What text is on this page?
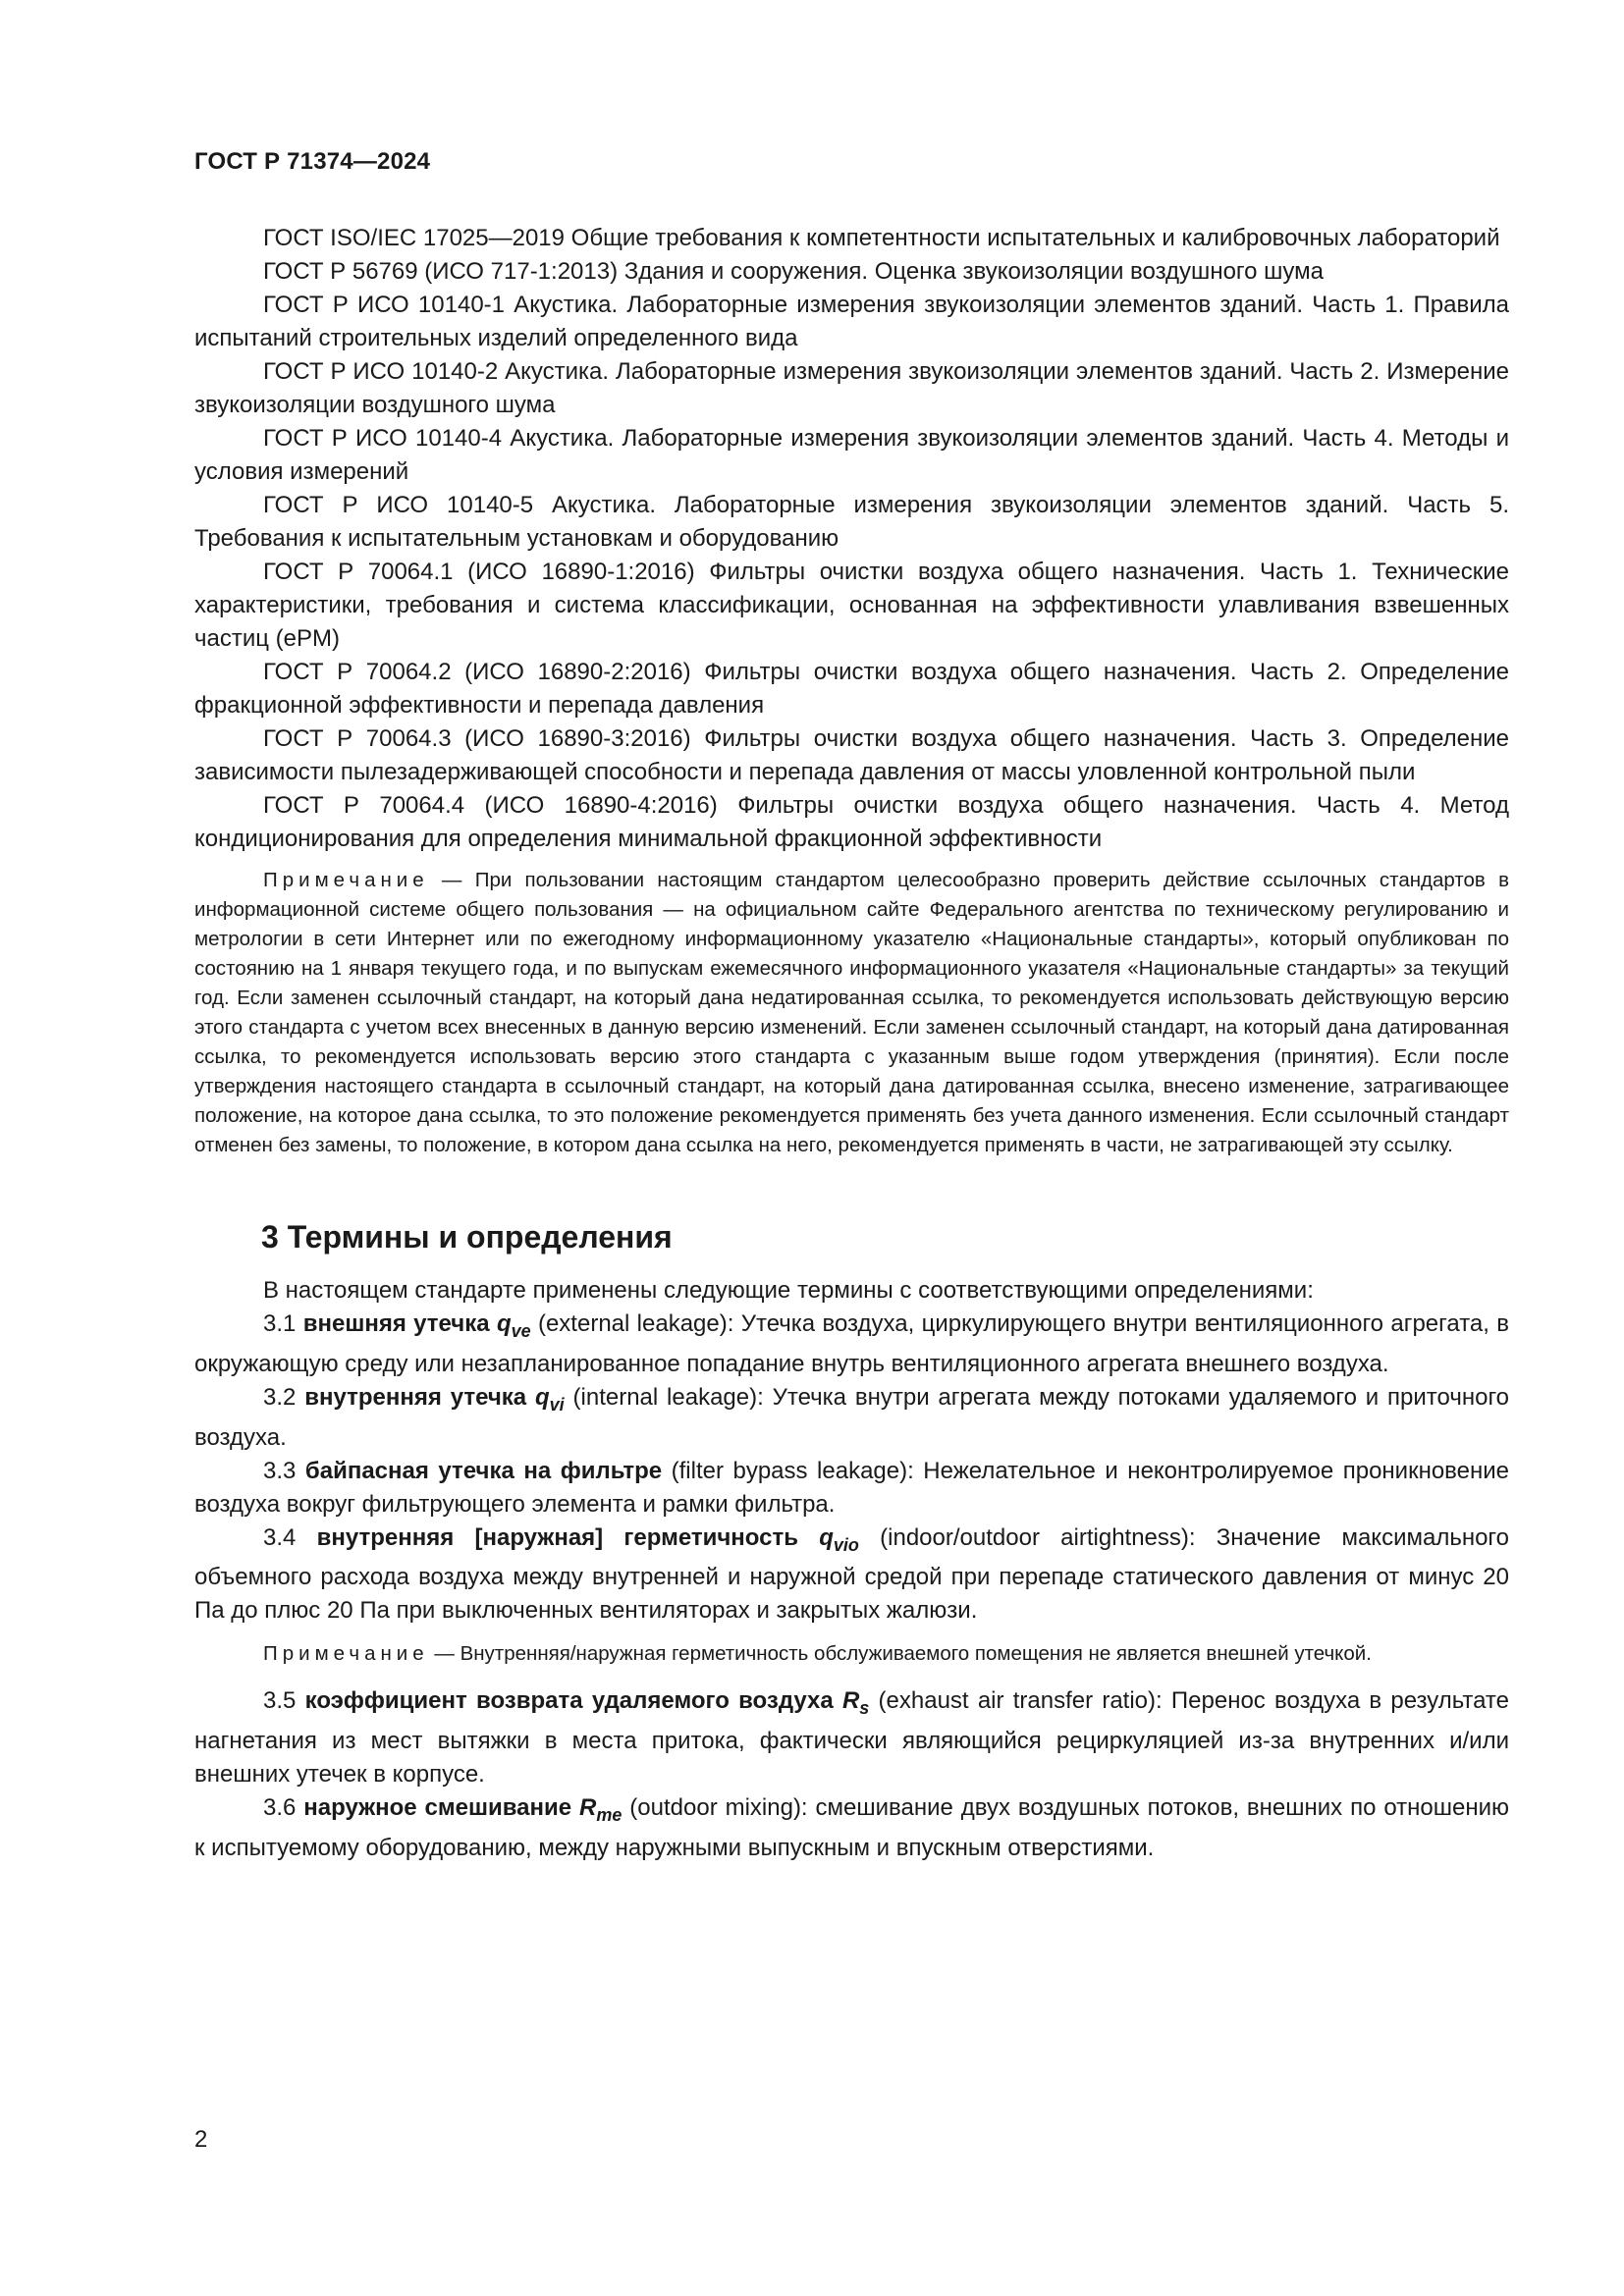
ГОСТ Р 71374—2024

ГОСТ ISO/IEC 17025—2019 Общие требования к компетентности испытательных и калибровочных лабораторий

ГОСТ Р 56769 (ИСО 717-1:2013) Здания и сооружения. Оценка звукоизоляции воздушного шума

ГОСТ Р ИСО 10140-1 Акустика. Лабораторные измерения звукоизоляции элементов зданий. Часть 1. Правила испытаний строительных изделий определенного вида

ГОСТ Р ИСО 10140-2 Акустика. Лабораторные измерения звукоизоляции элементов зданий. Часть 2. Измерение звукоизоляции воздушного шума

ГОСТ Р ИСО 10140-4 Акустика. Лабораторные измерения звукоизоляции элементов зданий. Часть 4. Методы и условия измерений

ГОСТ Р ИСО 10140-5 Акустика. Лабораторные измерения звукоизоляции элементов зданий. Часть 5. Требования к испытательным установкам и оборудованию

ГОСТ Р 70064.1 (ИСО 16890-1:2016) Фильтры очистки воздуха общего назначения. Часть 1. Технические характеристики, требования и система классификации, основанная на эффективности улавливания взвешенных частиц (ePM)

ГОСТ Р 70064.2 (ИСО 16890-2:2016) Фильтры очистки воздуха общего назначения. Часть 2. Определение фракционной эффективности и перепада давления

ГОСТ Р 70064.3 (ИСО 16890-3:2016) Фильтры очистки воздуха общего назначения. Часть 3. Определение зависимости пылезадерживающей способности и перепада давления от массы уловленной контрольной пыли

ГОСТ Р 70064.4 (ИСО 16890-4:2016) Фильтры очистки воздуха общего назначения. Часть 4. Метод кондиционирования для определения минимальной фракционной эффективности

Примечание — При пользовании настоящим стандартом целесообразно проверить действие ссылочных стандартов в информационной системе общего пользования — на официальном сайте Федерального агентства по техническому регулированию и метрологии в сети Интернет или по ежегодному информационному указателю «Национальные стандарты», который опубликован по состоянию на 1 января текущего года, и по выпускам ежемесячного информационного указателя «Национальные стандарты» за текущий год. Если заменен ссылочный стандарт, на который дана недатированная ссылка, то рекомендуется использовать действующую версию этого стандарта с учетом всех внесенных в данную версию изменений. Если заменен ссылочный стандарт, на который дана датированная ссылка, то рекомендуется использовать версию этого стандарта с указанным выше годом утверждения (принятия). Если после утверждения настоящего стандарта в ссылочный стандарт, на который дана датированная ссылка, внесено изменение, затрагивающее положение, на которое дана ссылка, то это положение рекомендуется применять без учета данного изменения. Если ссылочный стандарт отменен без замены, то положение, в котором дана ссылка на него, рекомендуется применять в части, не затрагивающей эту ссылку.
3 Термины и определения

В настоящем стандарте применены следующие термины с соответствующими определениями:

3.1 внешняя утечка $q_{ve}$ (external leakage): Утечка воздуха, циркулирующего внутри вентиляционного агрегата, в окружающую среду или незапланированное попадание внутрь вентиляционного агрегата внешнего воздуха.

3.2 внутренняя утечка $q_{vi}$ (internal leakage): Утечка внутри агрегата между потоками удаляемого и приточного воздуха.

3.3 байпасная утечка на фильтре (filter bypass leakage): Нежелательное и неконтролируемое проникновение воздуха вокруг фильтрующего элемента и рамки фильтра.

3.4 внутренняя [наружная] герметичность $q_{vio}$ (indoor/outdoor airtightness): Значение максимального объемного расхода воздуха между внутренней и наружной средой при перепаде статического давления от минус 20 Па до плюс 20 Па при выключенных вентиляторах и закрытых жалюзи.

Примечание — Внутренняя/наружная герметичность обслуживаемого помещения не является внешней утечкой.

3.5 коэффициент возврата удаляемого воздуха $R_s$ (exhaust air transfer ratio): Перенос воздуха в результате нагнетания из мест вытяжки в места притока, фактически являющийся рециркуляцией из-за внутренних и/или внешних утечек в корпусе.

3.6 наружное смешивание $R_{me}$ (outdoor mixing): смешивание двух воздушных потоков, внешних по отношению к испытуемому оборудованию, между наружными выпускным и впускным отверстиями.

2
